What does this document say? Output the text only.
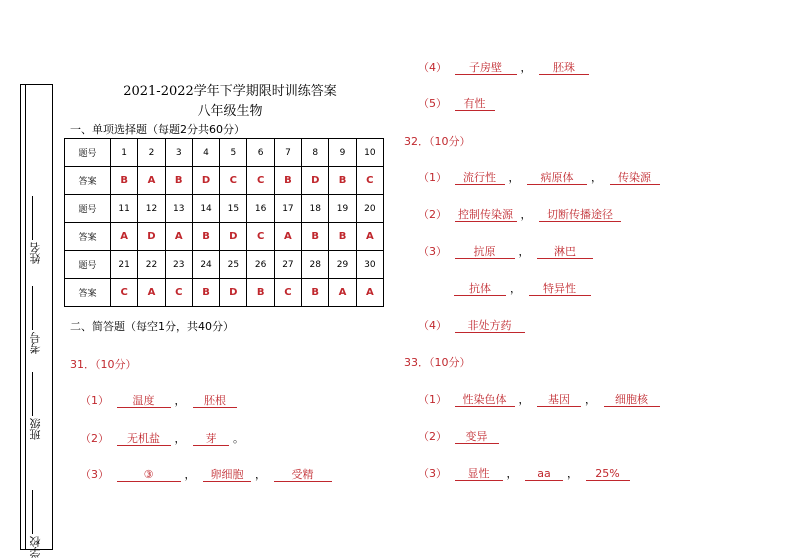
姓名
考号
班级
学校
2021-2022学年下学期限时训练答案
八年级生物
一、单项选择题（每题2分共60分）
题号	1	2	3	4	5	6	7	8	9	10
答案	B	A	B	D	C	C	B	D	B	C
题号	11	12	13	14	15	16	17	18	19	20
答案	A	D	A	B	D	C	A	B	B	A
题号	21	22	23	24	25	26	27	28	29	30
答案	C	A	C	B	D	B	C	B	A	A
二、简答题（每空1分，共40分）
31．（10分）
（1） 温度 ， 胚根
（2） 无机盐 ， 芽 。
（3）	③	， 卵细胞 ， 受精
（4） 子房壁 ， 胚珠
（5） 有性
32．（10分）
（1） 流行性 ， 病原体 ， 传染源
（2） 控制传染源 ， 切断传播途径
（3） 抗原 ， 淋巴
抗体 ， 特异性
（4） 非处方药
33．（10分）
（1） 性染色体 ， 基因 ， 细胞核
（2） 变异
（3） 显性 ， aa ， 25%
